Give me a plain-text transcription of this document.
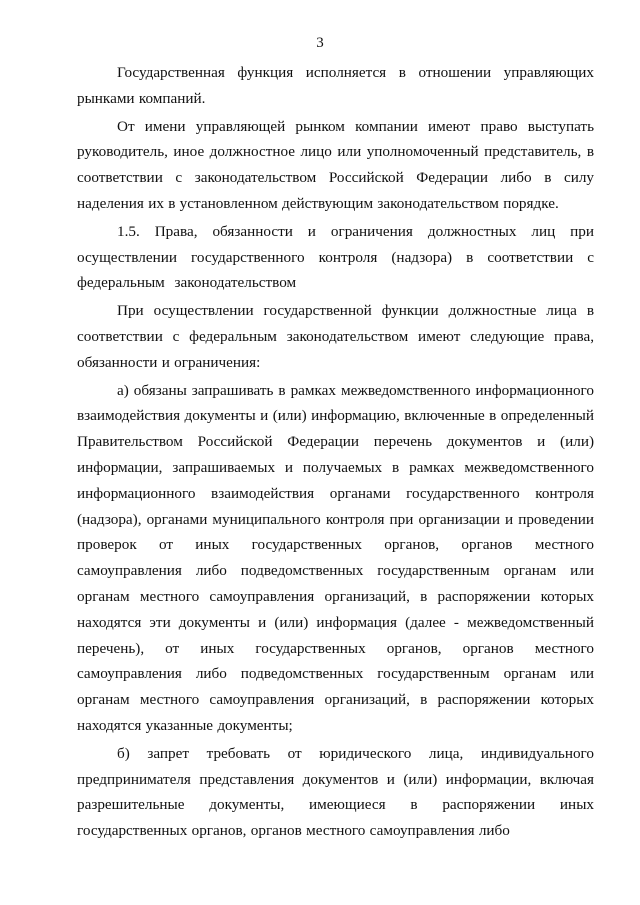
3

Государственная функция исполняется в отношении управляющих рынками компаний.

От имени управляющей рынком компании имеют право выступать руководитель, иное должностное лицо или уполномоченный представитель, в соответствии с законодательством Российской Федерации либо в силу наделения их в установленном действующим законодательством порядке.

1.5. Права, обязанности и ограничения должностных лиц при осуществлении государственного контроля (надзора) в соответствии с федеральным законодательством

При осуществлении государственной функции должностные лица в соответствии с федеральным законодательством имеют следующие права, обязанности и ограничения:

а) обязаны запрашивать в рамках межведомственного информационного взаимодействия документы и (или) информацию, включенные в определенный Правительством Российской Федерации перечень документов и (или) информации, запрашиваемых и получаемых в рамках межведомственного информационного взаимодействия органами государственного контроля (надзора), органами муниципального контроля при организации и проведении проверок от иных государственных органов, органов местного самоуправления либо подведомственных государственным органам или органам местного самоуправления организаций, в распоряжении которых находятся эти документы и (или) информация (далее - межведомственный перечень), от иных государственных органов, органов местного самоуправления либо подведомственных государственным органам или органам местного самоуправления организаций, в распоряжении которых находятся указанные документы;

б) запрет требовать от юридического лица, индивидуального предпринимателя представления документов и (или) информации, включая разрешительные документы, имеющиеся в распоряжении иных государственных органов, органов местного самоуправления либо
